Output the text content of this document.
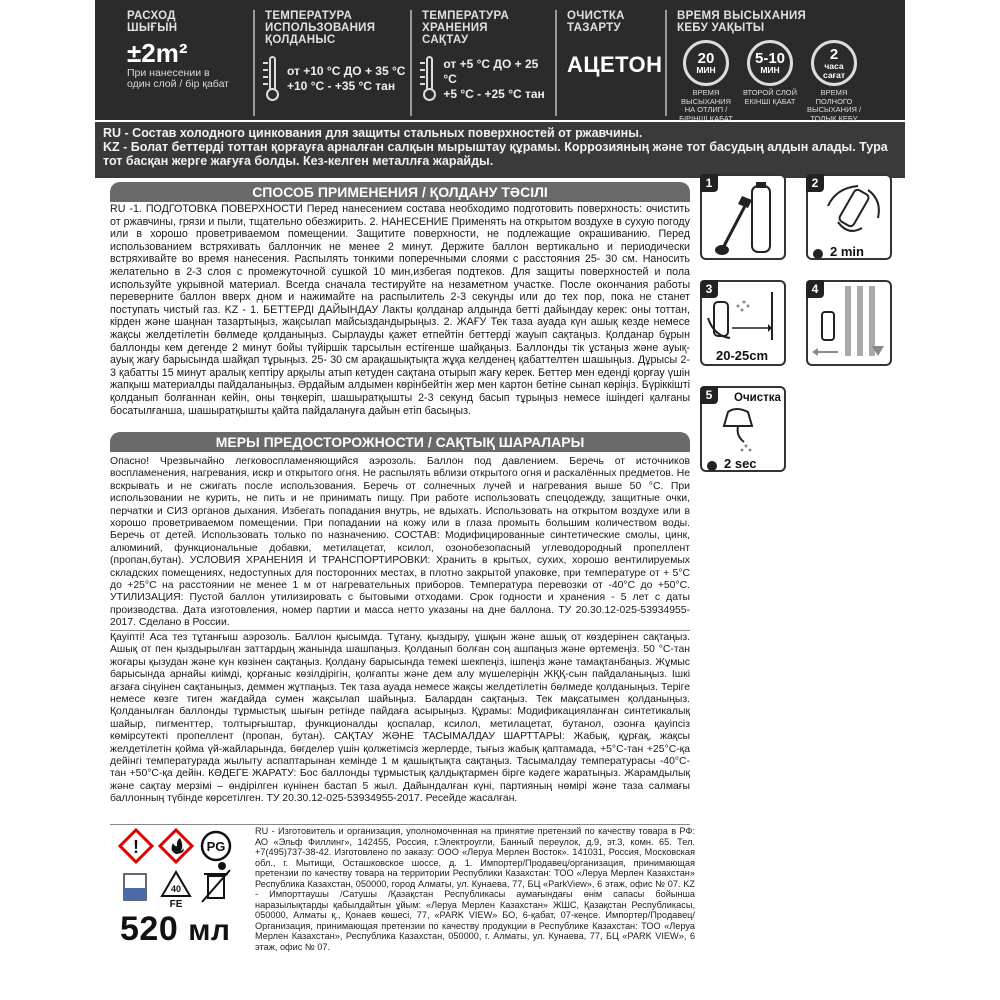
РАСХОД
ШЫҒЫН
±2m²
При нанесении в
один слой / бір қабат
ТЕМПЕРАТУРА
ИСПОЛЬЗОВАНИЯ
ҚОЛДАНЫС
от +10 °С ДО + 35 °С
+10 °С - +35 °С тан
ТЕМПЕРАТУРА
ХРАНЕНИЯ
САҚТАУ
от +5 °С ДО + 25 °С
+5 °С - +25 °С тан
ОЧИСТКА
ТАЗАРТУ
АЦЕТОН
ВРЕМЯ ВЫСЫХАНИЯ
КЕБУ УАҚЫТЫ
20
МИН
ВРЕМЯ ВЫСЫХАНИЯ
НА ОТЛИП /
БІРІНШІ ҚАБАТ
5-10
МИН
ВТОРОЙ СЛОЙ
ЕКІНШІ ҚАБАТ
2
часа сағат
ВРЕМЯ ПОЛНОГО
ВЫСЫХАНИЯ /
ТОЛЫҚ КЕБУ
RU - Состав холодного цинкования для защиты стальных поверхностей от ржавчины.
KZ - Болат беттерді тоттан қорғауға арналған салқын мырыштау құрамы. Коррозияның және тот басудың алдын алады. Тура тот басқан жерге жағуға болды. Кез-келген металлға жарайды.
СПОСОБ ПРИМЕНЕНИЯ / ҚОЛДАНУ ТӘСІЛІ
RU -1. ПОДГОТОВКА ПОВЕРХНОСТИ Перед нанесением состава необходимо подготовить поверхность: очистить от ржавчины, грязи и пыли, тщательно обезжирить. 2. НАНЕСЕНИЕ Применять на открытом воздухе в сухую погоду или в хорошо проветриваемом помещении. Защитите поверхности, не подлежащие окрашиванию. Перед использованием встряхивать баллончик не менее 2 минут. Держите баллон вертикально и периодически встряхивайте во время нанесения. Распылять тонкими поперечными слоями с расстояния 25- 30 см. Наносить желательно в 2-3 слоя с промежуточной сушкой 10 мин,избегая подтеков. Для защиты поверхностей и пола используйте укрывной материал. Всегда сначала тестируйте на незаметном участке. После окончания работы переверните баллон вверх дном и нажимайте на распылитель 2-3 секунды или до тех пор, пока не станет поступать чистый газ. KZ - 1. БЕТТЕРДІ ДАЙЫНДАУ Лакты қолданар алдында бетті дайындау керек: оны тоттан, кірден және шаңнан тазартыңыз, жақсылап майсыздандырыңыз. 2. ЖАҒУ Тек таза ауада күн ашық кезде немесе жақсы желдетілетін бөлмеде қолданыңыз. Сырлауды қажет етпейтін беттерді жауып сақтаңыз. Қолданар бұрын баллонды кем дегенде 2 минут бойы түйіршік тарсылын естігенше шайқаңыз. Баллонды тік ұстаңыз және ауық-ауық жағу барысында шайқап тұрыңыз. 25- 30 см арақашықтықта жұқа келденең қабаттелтен шашыңыз. Дұрысы 2-3 қабатты 15 минут аралық кептіру арқылы атып кетуден сақтана отырып жағу керек. Беттер мен едендi қорғау үшін жапқыш материалды пайдаланыңыз. Әрдайым алдымен көрінбейтін жер мен картон бетіне сынап көріңіз. Бүріккішті қолданып болғаннан кейін, оны төңкеріп, шашыратқышты 2-3 секунд басып тұрыңыз немесе ішіндегі қалғаны босатылғанша, шашыратқышты қайта пайдалануға дайын етіп басыңыз.
МЕРЫ ПРЕДОСТОРОЖНОСТИ / САҚТЫҚ ШАРАЛАРЫ
Опасно! Чрезвычайно легковоспламеняющийся аэрозоль. Баллон под давлением. Беречь от источников воспламенения, нагревания, искр и открытого огня. Не распылять вблизи открытого огня и раскалённых предметов. Не вскрывать и не сжигать после использования. Беречь от солнечных лучей и нагревания выше 50 °С. При использовании не курить, не пить и не принимать пищу. При работе использовать спецодежду, защитные очки, перчатки и СИЗ органов дыхания. Избегать попадания внутрь, не вдыхать. Использовать на открытом воздухе или в хорошо проветриваемом помещении. При попадании на кожу или в глаза промыть большим количеством воды. Беречь от детей. Использовать только по назначению. СОСТАВ: Модифицированные синтетические смолы, цинк, алюминий, функциональные добавки, метилацетат, ксилол, озонобезопасный углеводородный пропеллент (пропан,бутан). УСЛОВИЯ ХРАНЕНИЯ И ТРАНСПОРТИРОВКИ: Хранить в крытых, сухих, хорошо вентилируемых складских помещениях, недоступных для посторонних местах, в плотно закрытой упаковке, при температуре от + 5°С до +25°С на расстоянии не менее 1 м от нагревательных приборов. Температура перевозки от -40°С до +50°С. УТИЛИЗАЦИЯ: Пустой баллон утилизировать с бытовыми отходами. Срок годности и хранения - 5 лет с даты производства. Дата изготовления, номер партии и масса нетто указаны на дне баллона. ТУ 20.30.12-025-53934955-2017. Сделано в России.
Қауіпті! Аса тез тұтанғыш аэрозоль. Баллон қысымда. Тұтану, қыздыру, ұшқын және ашық от көздерінен сақтаңыз. Ашық от пен қыздырылған заттардың жанында шашпаңыз. Қолданып болған соң ашпаңыз және өртемеңіз. 50 °С-тан жоғары қызудан және күн көзінен сақтаңыз. Қолдану барысында темекі шекпеңіз, ішпеңіз және тамақтанбаңыз. Жұмыс барысында арнайы киімді, қорғаныс көзілдірігін, қолғапты және дем алу мүшелеріңін ЖҚҚ-сын пайдаланыңыз. Ішкі ағзаға сіңуінен сақтаныңыз, деммен жұтпаңыз. Тек таза ауада немесе жақсы желдетілетін бөлмеде қолданыңыз. Теріге немесе көзге тиген жағдайда сумен жақсылап шайыңыз. Балардан сақтаңыз. Тек мақсатымен қолданыңыз. Қолданылған баллонды тұрмыстық шығын ретінде пайдаға асырыңыз. Құрамы: Модификацияланған синтетикалық шайыр, пигменттер, толтырғыштар, функционалды қоспалар, ксилол, метилацетат, бутанол, озонға қауіпсіз көмірсутекті пропеллент (пропан, бутан). САҚТАУ ЖӘНЕ ТАСЫМАЛДАУ ШАРТТАРЫ: Жабық, құрғақ, жақсы желдетілетін қойма үй-жайларында, бөгделер үшін қолжетімсіз жерлерде, тығыз жабық қаптамада, +5°С-тан +25°С-қа дейінгі температурада жылыту аспаптарынан кемінде 1 м қашықтықта сақтаңыз. Тасымалдау температурасы -40°С-тан +50°С-қа дейін. КӘДЕГЕ ЖАРАТУ: Бос баллонды тұрмыстық қалдықтармен бірге кәдеге жаратыңыз. Жарамдылық және сақтау мерзімі – өндірілген күнінен бастап 5 жыл. Дайындалған күні, партияның нөмірі және таза салмағы баллонның түбінде көрсетілген. ТУ 20.30.12-025-53934955-2017. Ресейде жасалған.
1	2
2 min
3
20-25cm
4
5	Очистка
2 sec
!	PG
40
FE
520 мл
RU - Изготовитель и организация, уполномоченная на принятие претензий по качеству товара в РФ: АО «Эльф Филлинг», 142455, Россия, г.Электроугли, Банный переулок, д.9, эт.3, комн. 65. Тел. +7(495)737-38-42. Изготовлено по заказу: ООО «Леруа Мерлен Восток». 141031, Россия, Московская обл., г. Мытищи, Осташковское шоссе, д. 1. Импортер/Продавец/организация, принимающая претензии по качеству товара на территории Республики Казахстан: ТОО «Леруа Мерлен Казахстан» Республика Казахстан, 050000, город Алматы, ул. Кунаева, 77, БЦ «ParkView», 6 этаж, офис № 07. KZ - Импорттаушы /Сатушы /Қазақстан Республикасы аумағындағы өнім сапасы бойынша наразылықтарды қабылдайтын ұйым: «Леруа Мерлен Казахстан» ЖШС, Қазақстан Республикасы, 050000, Алматы қ., Қонаев көшесі, 77, «PARK VIEW» БО, 6-қабат, 07-кеңсе. Импортер/Продавец/Организация, принимающая претензии по качеству продукции в Республике Казахстан: ТОО «Леруа Мерлен Казахстан», Республика Казахстан, 050000, г. Алматы, ул. Кунаева, 77, БЦ «PARK VIEW», 6 этаж, офис № 07.
